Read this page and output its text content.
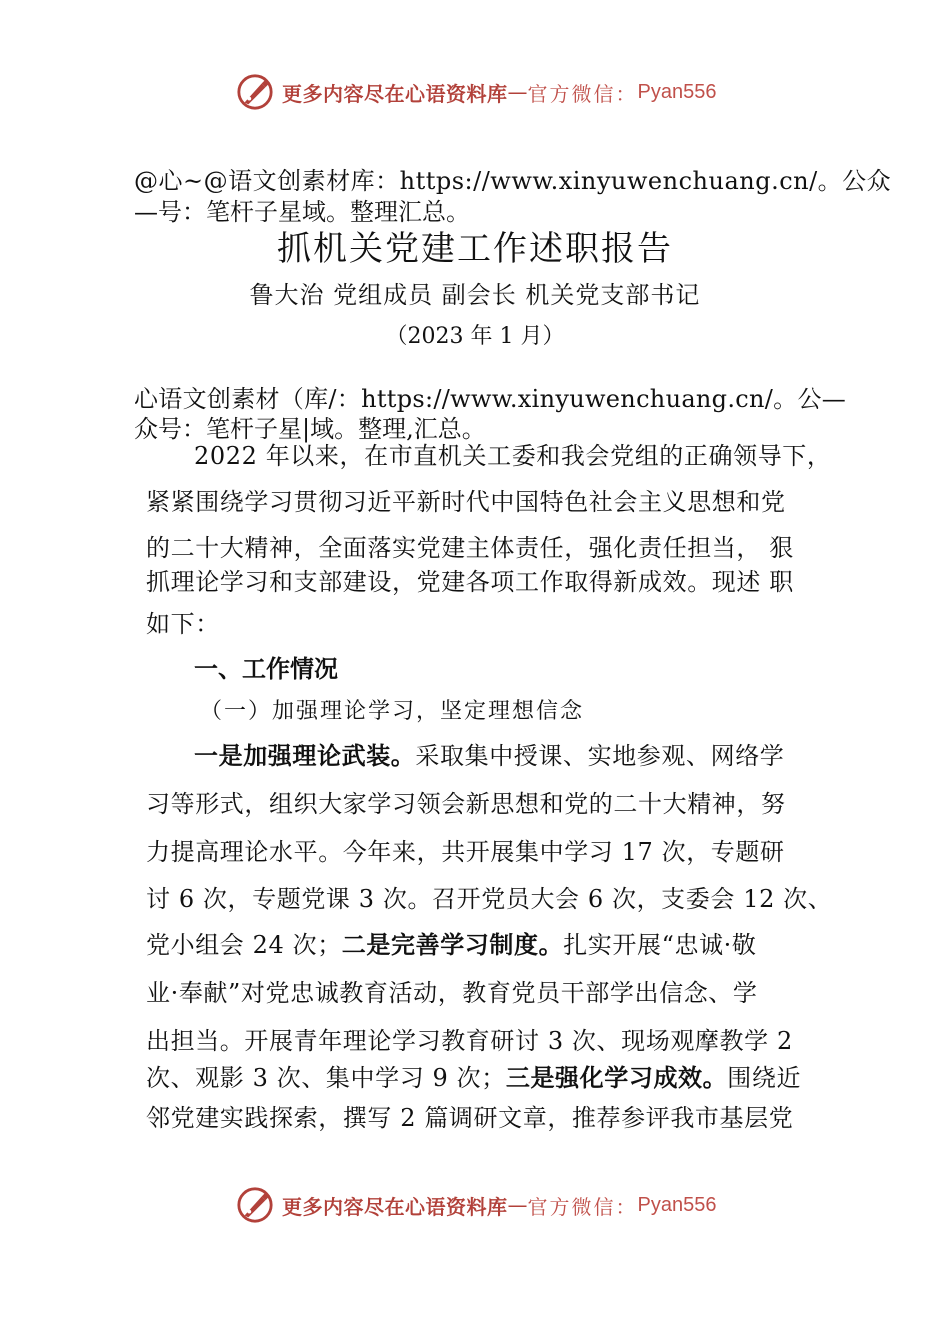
更多内容尽在心语资料库 — 官方微信： Pyan556
@心~@语文创素材库：https://www.xinyuwenchuang.cn/。公众
—号：笔杆子星域。整理汇总。
抓机关党建工作述职报告
鲁大治 党组成员 副会长 机关党支部书记
（2023 年 1 月）
心语文创素材（库/：https://www.xinyuwenchuang.cn/。公—
众号：笔杆子星|域。整理,汇总。
2022 年以来，在市直机关工委和我会党组的正确领导下，
紧紧围绕学习贯彻习近平新时代中国特色社会主义思想和党
的二十大精神，全面落实党建主体责任，强化责任担当， 狠
抓理论学习和支部建设，党建各项工作取得新成效。现述 职
如下：
一、工作情况
（一）加强理论学习，坚定理想信念
一是加强理论武装。采取集中授课、实地参观、网络学
习等形式，组织大家学习领会新思想和党的二十大精神，努
力提高理论水平。今年来，共开展集中学习 17 次，专题研
讨 6 次，专题党课 3 次。召开党员大会 6 次，支委会 12 次、
党小组会 24 次；二是完善学习制度。扎实开展“忠诚·敬
业·奉献”对党忠诚教育活动，教育党员干部学出信念、学
出担当。开展青年理论学习教育研讨 3 次、现场观摩教学 2
次、观影 3 次、集中学习 9 次；三是强化学习成效。围绕近
邻党建实践探索，撰写 2 篇调研文章，推荐参评我市基层党
更多内容尽在心语资料库 — 官方微信： Pyan556
